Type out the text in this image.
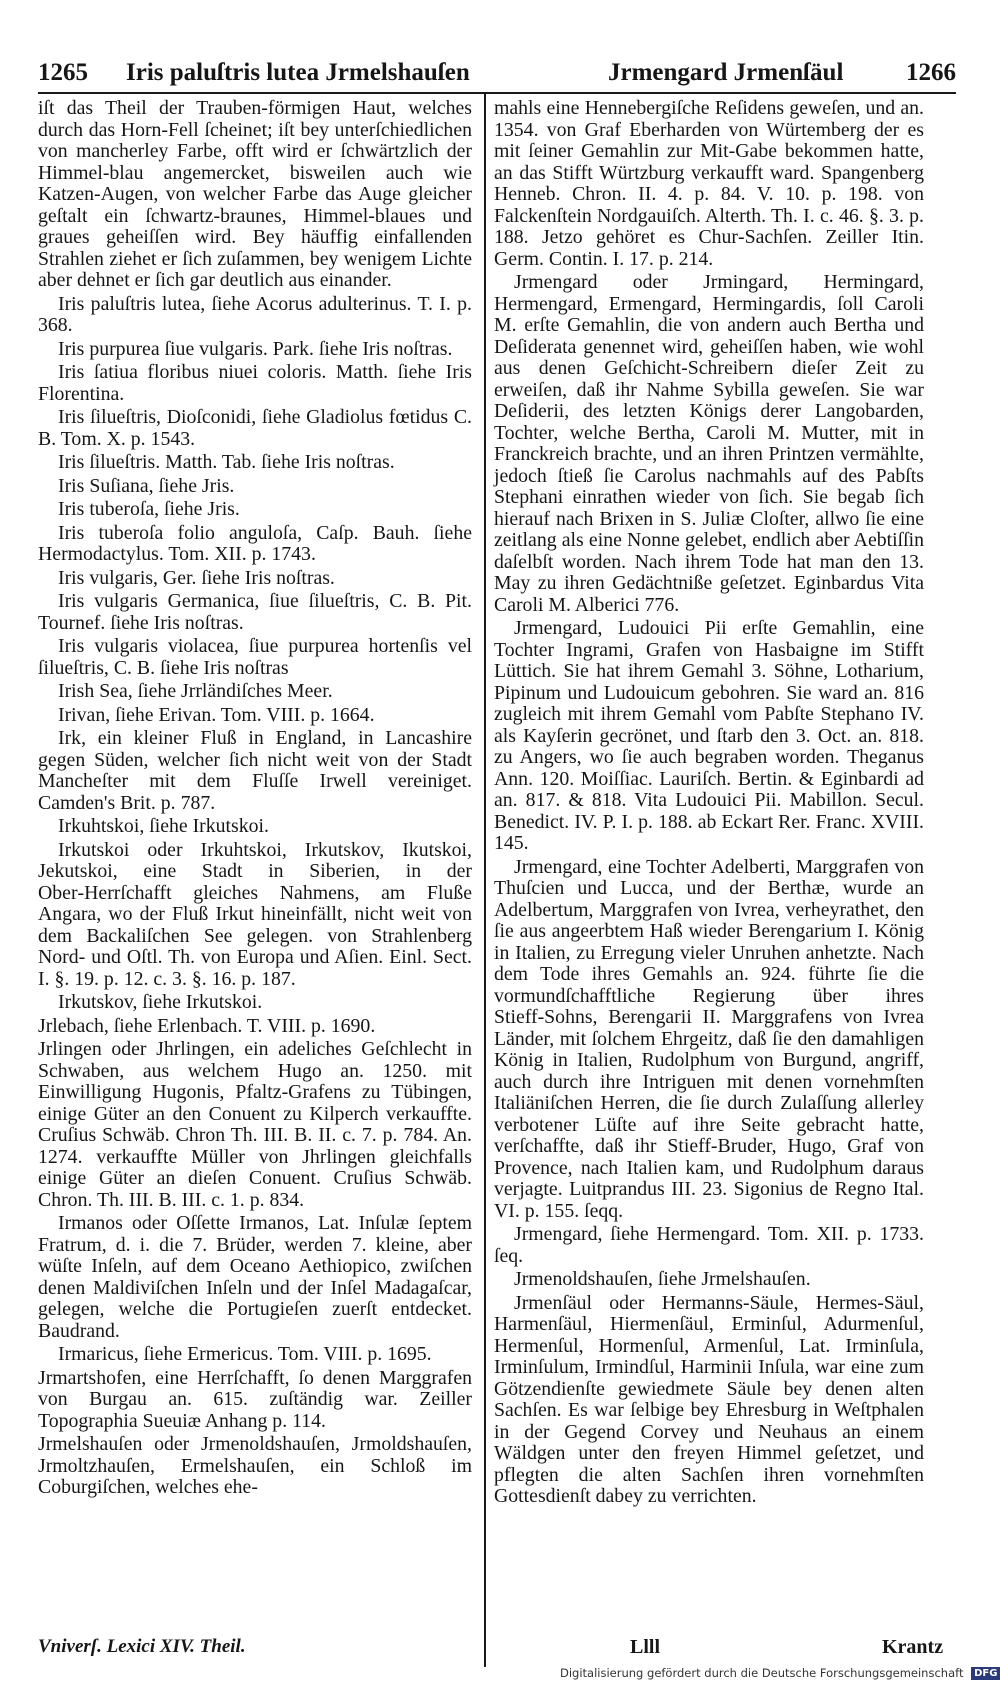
1265 Iris paluſtris lutea Jrmelshauſen	Jrmengard Jrmenſäul	1266

iſt das Theil der Trauben‑förmigen Haut, welches durch das Horn‑Fell ſcheinet; iſt bey unterſchiedlichen von mancherley Farbe, offt wird er ſchwärtzlich der Himmel‑blau angemercket, bisweilen auch wie Katzen‑Augen, von welcher Farbe das Auge gleicher geſtalt ein ſchwartz‑braunes, Himmel‑blaues und graues geheiſſen wird. Bey häuffig einfallenden Strahlen ziehet er ſich zuſammen, bey wenigem Lichte aber dehnet er ſich gar deutlich aus einander.

Iris paluſtris lutea, ſiehe Acorus adulterinus. T. I. p. 368.

Iris purpurea ſiue vulgaris. Park. ſiehe Iris noſtras.

Iris ſatiua floribus niuei coloris. Matth. ſiehe Iris Florentina.

Iris ſilueſtris, Dioſconidi, ſiehe Gladiolus fœtidus C. B. Tom. X. p. 1543.

Iris ſilueſtris. Matth. Tab. ſiehe Iris noſtras.

Iris Suſiana, ſiehe Jris.

Iris tuberoſa, ſiehe Jris.

Iris tuberoſa folio anguloſa, Caſp. Bauh. ſiehe Hermodactylus. Tom. XII. p. 1743.

Iris vulgaris, Ger. ſiehe Iris noſtras.

Iris vulgaris Germanica, ſiue ſilueſtris, C. B. Pit. Tournef. ſiehe Iris noſtras.

Iris vulgaris violacea, ſiue purpurea hortenſis vel ſilueſtris, C. B. ſiehe Iris noſtras

Irish Sea, ſiehe Jrrländiſches Meer.

Irivan, ſiehe Erivan. Tom. VIII. p. 1664.

Irk, ein kleiner Fluß in England, in Lancashire gegen Süden, welcher ſich nicht weit von der Stadt Mancheſter mit dem Fluſſe Irwell vereiniget. Camden's Brit. p. 787.

Irkuhtskoi, ſiehe Irkutskoi.

Irkutskoi oder Irkuhtskoi, Irkutskov, Ikutskoi, Jekutskoi, eine Stadt in Siberien, in der Ober‑Herrſchafft gleiches Nahmens, am Fluße Angara, wo der Fluß Irkut hineinfällt, nicht weit von dem Backaliſchen See gelegen. von Strahlenberg Nord‑ und Oſtl. Th. von Europa und Aſien. Einl. Sect. I. §. 19. p. 12. c. 3. §. 16. p. 187.

Irkutskov, ſiehe Irkutskoi.

Jrlebach, ſiehe Erlenbach. T. VIII. p. 1690.

Jrlingen oder Jhrlingen, ein adeliches Geſchlecht in Schwaben, aus welchem Hugo an. 1250. mit Einwilligung Hugonis, Pfaltz‑Grafens zu Tübingen, einige Güter an den Conuent zu Kilperch verkauffte. Cruſius Schwäb. Chron Th. III. B. II. c. 7. p. 784. An. 1274. verkauffte Müller von Jhrlingen gleichfalls einige Güter an dieſen Conuent. Cruſius Schwäb. Chron. Th. III. B. III. c. 1. p. 834.

Irmanos oder Oſſette Irmanos, Lat. Inſulæ ſeptem Fratrum, d. i. die 7. Brüder, werden 7. kleine, aber wüſte Inſeln, auf dem Oceano Aethiopico, zwiſchen denen Maldiviſchen Inſeln und der Inſel Madagaſcar, gelegen, welche die Portugieſen zuerſt entdecket. Baudrand.

Irmaricus, ſiehe Ermericus. Tom. VIII. p. 1695.

Jrmartshofen, eine Herrſchafft, ſo denen Marggrafen von Burgau an. 615. zuſtändig war. Zeiller Topographia Sueuiæ Anhang p. 114.

Jrmelshauſen oder Jrmenoldshauſen, Jrmoldshauſen, Jrmoltzhauſen, Ermelshauſen, ein Schloß im Coburgiſchen, welches ehe‑

mahls eine Hennebergiſche Reſidens geweſen, und an. 1354. von Graf Eberharden von Würtemberg der es mit ſeiner Gemahlin zur Mit‑Gabe bekommen hatte, an das Stifft Würtzburg verkaufft ward. Spangenberg Henneb. Chron. II. 4. p. 84. V. 10. p. 198. von Falckenſtein Nordgauiſch. Alterth. Th. I. c. 46. §. 3. p. 188. Jetzo gehöret es Chur‑Sachſen. Zeiller Itin. Germ. Contin. I. 17. p. 214.

Jrmengard oder Jrmingard, Hermingard, Hermengard, Ermengard, Hermingardis, ſoll Caroli M. erſte Gemahlin, die von andern auch Bertha und Deſiderata genennet wird, geheiſſen haben, wie wohl aus denen Geſchicht‑Schreibern dieſer Zeit zu erweiſen, daß ihr Nahme Sybilla geweſen. Sie war Deſiderii, des letzten Königs derer Langobarden, Tochter, welche Bertha, Caroli M. Mutter, mit in Franckreich brachte, und an ihren Printzen vermählte, jedoch ſtieß ſie Carolus nachmahls auf des Pabſts Stephani einrathen wieder von ſich. Sie begab ſich hierauf nach Brixen in S. Juliæ Cloſter, allwo ſie eine zeitlang als eine Nonne gelebet, endlich aber Aebtiſſin daſelbſt worden. Nach ihrem Tode hat man den 13. May zu ihren Gedächtniße geſetzet. Eginbardus Vita Caroli M. Alberici 776.

Jrmengard, Ludouici Pii erſte Gemahlin, eine Tochter Ingrami, Grafen von Hasbaigne im Stifft Lüttich. Sie hat ihrem Gemahl 3. Söhne, Lotharium, Pipinum und Ludouicum gebohren. Sie ward an. 816 zugleich mit ihrem Gemahl vom Pabſte Stephano IV. als Kayſerin gecrönet, und ſtarb den 3. Oct. an. 818. zu Angers, wo ſie auch begraben worden. Theganus Ann. 120. Moiſſiac. Lauriſch. Bertin. & Eginbardi ad an. 817. & 818. Vita Ludouici Pii. Mabillon. Secul. Benedict. IV. P. I. p. 188. ab Eckart Rer. Franc. XVIII. 145.

Jrmengard, eine Tochter Adelberti, Marggrafen von Thuſcien und Lucca, und der Berthæ, wurde an Adelbertum, Marggrafen von Ivrea, verheyrathet, den ſie aus angeerbtem Haß wieder Berengarium I. König in Italien, zu Erregung vieler Unruhen anhetzte. Nach dem Tode ihres Gemahls an. 924. führte ſie die vormundſchafftliche Regierung über ihres Stieff‑Sohns, Berengarii II. Marggrafens von Ivrea Länder, mit ſolchem Ehrgeitz, daß ſie den damahligen König in Italien, Rudolphum von Burgund, angriff, auch durch ihre Intriguen mit denen vornehmſten Italiäniſchen Herren, die ſie durch Zulaſſung allerley verbotener Lüſte auf ihre Seite gebracht hatte, verſchaffte, daß ihr Stieff‑Bruder, Hugo, Graf von Provence, nach Italien kam, und Rudolphum daraus verjagte. Luitprandus III. 23. Sigonius de Regno Ital. VI. p. 155. ſeqq.

Jrmengard, ſiehe Hermengard. Tom. XII. p. 1733. ſeq.

Jrmenoldshauſen, ſiehe Jrmelshauſen.

Jrmenſäul oder Hermanns‑Säule, Hermes‑Säul, Harmenſäul, Hiermenſäul, Erminſul, Adurmenſul, Hermenſul, Hormenſul, Armenſul, Lat. Irminſula, Irminſulum, Irmindſul, Harminii Inſula, war eine zum Götzendienſte gewiedmete Säule bey denen alten Sachſen. Es war ſelbige bey Ehresburg in Weſtphalen in der Gegend Corvey und Neuhaus an einem Wäldgen unter den freyen Himmel geſetzet, und pflegten die alten Sachſen ihren vornehmſten Gottesdienſt dabey zu verrichten.

Vniverſ. Lexici XIV. Theil.	Llll	Krantz
Digitalisierung gefördert durch die Deutsche Forschungsgemeinschaft DFG
